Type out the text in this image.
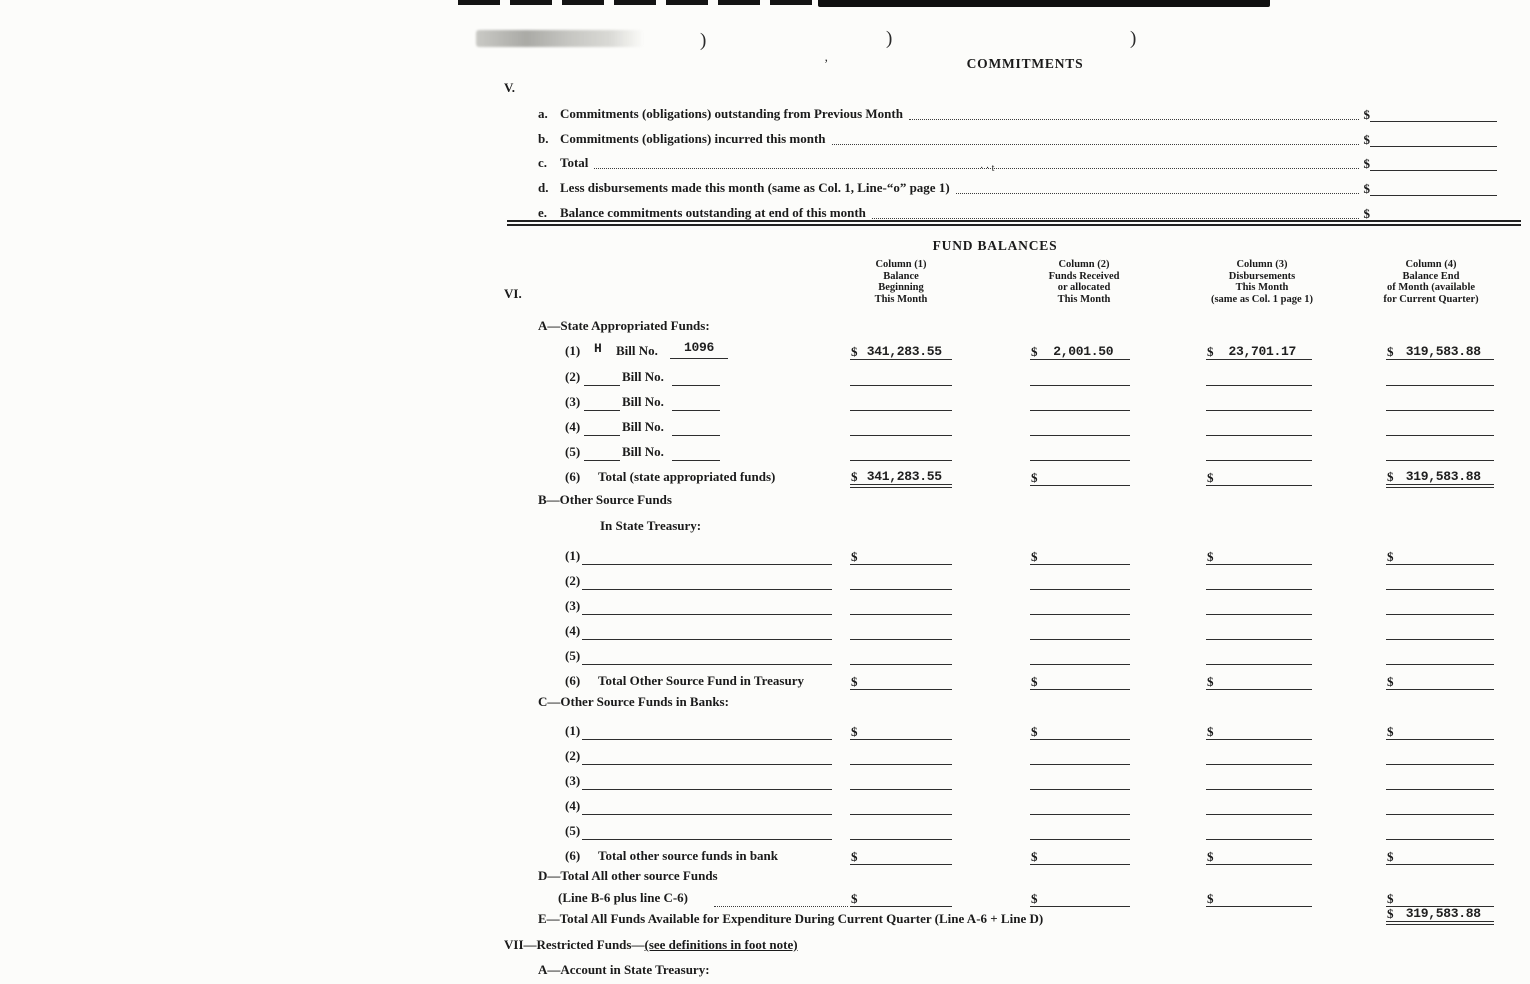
)	)	)
’
· · t
COMMITMENTS
V.
a. Commitments (obligations) outstanding from Previous Month	$
b. Commitments (obligations) incurred this month	$
c. Total	$
d. Less disbursements made this month (same as Col. 1, Line-“o” page 1)	$
e. Balance commitments outstanding at end of this month	$
FUND BALANCES
Column (1)
Balance
Beginning
This Month
Column (2)
Funds Received
or allocated
This Month
Column (3)
Disbursements
This Month
(same as Col. 1 page 1)
Column (4)
Balance End
of Month (available
for Current Quarter)
VI.
A—State Appropriated Funds:
(1) H Bill No.	1096	$ 341,283.55	$	2,001.50	$	23,701.17	$ 319,583.88
(2)	Bill No.
(3)	Bill No.
(4)	Bill No.
(5)	Bill No.
(6) Total (state appropriated funds)	$ 341,283.55	$	$	$ 319,583.88
B—Other Source Funds
In State Treasury:
(1)	$	$	$	$
(2)
(3)
(4)
(5)
(6) Total Other Source Fund in Treasury	$	$	$	$
C—Other Source Funds in Banks:
(1)	$	$	$	$
(2)
(3)
(4)
(5)
(6) Total other source funds in bank	$	$	$	$
D—Total All other source Funds
(Line B-6 plus line C-6)	$	$	$	$
E—Total All Funds Available for Expenditure During Current Quarter (Line A-6 + Line D)	$ 319,583.88
VII—Restricted Funds—(see definitions in foot note)
A—Account in State Treasury:
